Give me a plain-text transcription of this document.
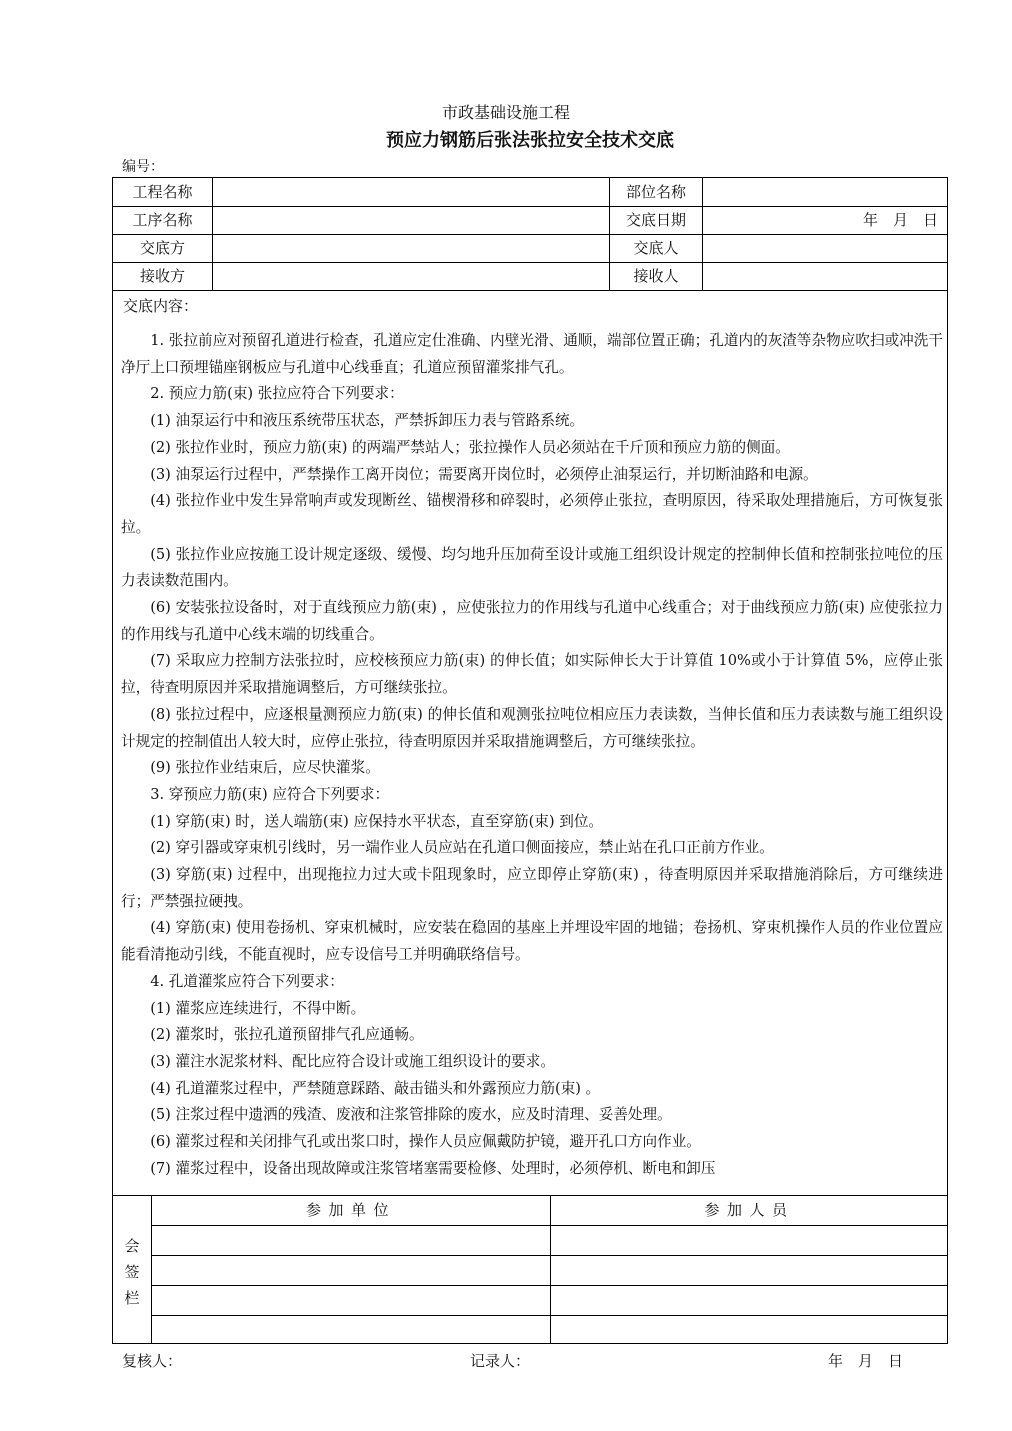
市政基础设施工程
预应力钢筋后张法张拉安全技术交底
编号：
工程名称	部位名称
工序名称	交底日期	年　月　日
交底方	交底人
接收方	接收人
交底内容：

1. 张拉前应对预留孔道进行检查，孔道应定仕准确、内壁光滑、通顺，端部位置正确；孔道内的灰渣等杂物应吹扫或冲洗干净厅上口预埋锚座钢板应与孔道中心线垂直；孔道应预留灌浆排气孔。

2. 预应力筋(束) 张拉应符合下列要求：

(1) 油泵运行中和液压系统带压状态，严禁拆卸压力表与管路系统。

(2) 张拉作业时，预应力筋(束) 的两端严禁站人；张拉操作人员必须站在千斤顶和预应力筋的侧面。

(3) 油泵运行过程中，严禁操作工离开岗位；需要离开岗位时，必须停止油泵运行，并切断油路和电源。

(4) 张拉作业中发生异常响声或发现断丝、锚楔滑移和碎裂时，必须停止张拉，查明原因，待采取处理措施后，方可恢复张拉。

(5) 张拉作业应按施工设计规定逐级、缓慢、均匀地升压加荷至设计或施工组织设计规定的控制伸长值和控制张拉吨位的压力表读数范围内。

(6) 安装张拉设备时，对于直线预应力筋(束) ，应使张拉力的作用线与孔道中心线重合；对于曲线预应力筋(束) 应使张拉力的作用线与孔道中心线末端的切线重合。

(7) 采取应力控制方法张拉时，应校核预应力筋(束) 的伸长值；如实际伸长大于计算值 10%或小于计算值 5%，应停止张拉，待查明原因并采取措施调整后，方可继续张拉。

(8) 张拉过程中，应逐根量测预应力筋(束) 的伸长值和观测张拉吨位相应压力表读数，当伸长值和压力表读数与施工组织设计规定的控制值出人较大时，应停止张拉，待查明原因并采取措施调整后，方可继续张拉。

(9) 张拉作业结束后，应尽快灌浆。

3. 穿预应力筋(束) 应符合下列要求：

(1) 穿筋(束) 时，送人端筋(束) 应保持水平状态，直至穿筋(束) 到位。

(2) 穿引器或穿束机引线时，另一端作业人员应站在孔道口侧面接应，禁止站在孔口正前方作业。

(3) 穿筋(束) 过程中，出现拖拉力过大或卡阻现象时，应立即停止穿筋(束) ，待查明原因并采取措施消除后，方可继续进行；严禁强拉硬拽。

(4) 穿筋(束) 使用卷扬机、穿束机械时，应安装在稳固的基座上并埋设牢固的地锚；卷扬机、穿束机操作人员的作业位置应能看清拖动引线，不能直视时，应专设信号工并明确联络信号。

4. 孔道灌浆应符合下列要求：

(1) 灌浆应连续进行，不得中断。

(2) 灌浆时，张拉孔道预留排气孔应通畅。

(3) 灌注水泥浆材料、配比应符合设计或施工组织设计的要求。

(4) 孔道灌浆过程中，严禁随意踩踏、敲击锚头和外露预应力筋(束) 。

(5) 注浆过程中遗洒的残渣、废液和注浆管排除的废水，应及时清理、妥善处理。

(6) 灌浆过程和关闭排气孔或出浆口时，操作人员应佩戴防护镜，避开孔口方向作业。

(7) 灌浆过程中，设备出现故障或注浆管堵塞需要检修、处理时，必须停机、断电和卸压

会
签
栏
参加单位	参加人员
复核人：	记录人：	年　月　日
